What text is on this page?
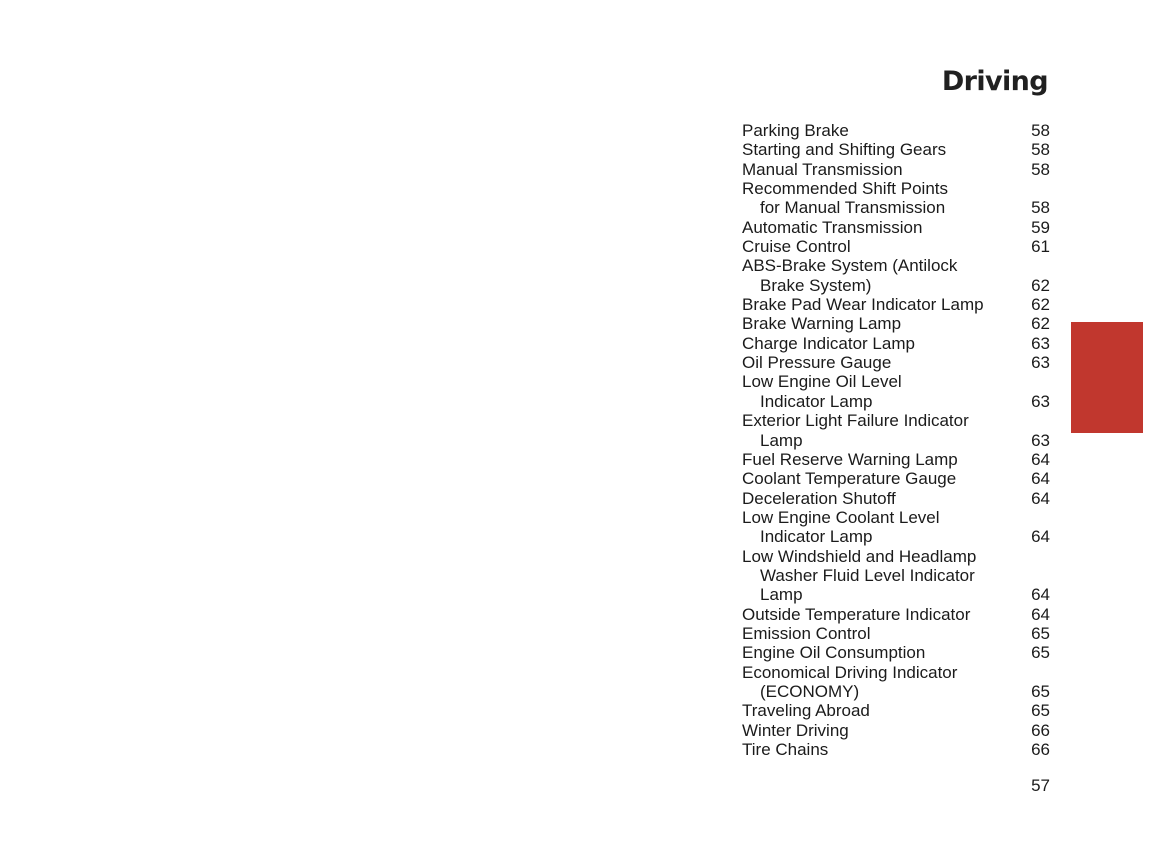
Driving
Parking Brake	58
Starting and Shifting Gears	58
Manual Transmission	58
Recommended Shift Points
for Manual Transmission	58
Automatic Transmission	59
Cruise Control	61
ABS-Brake System (Antilock
Brake System)	62
Brake Pad Wear Indicator Lamp	62
Brake Warning Lamp	62
Charge Indicator Lamp	63
Oil Pressure Gauge	63
Low Engine Oil Level
Indicator Lamp	63
Exterior Light Failure Indicator
Lamp	63
Fuel Reserve Warning Lamp	64
Coolant Temperature Gauge	64
Deceleration Shutoff	64
Low Engine Coolant Level
Indicator Lamp	64
Low Windshield and Headlamp
Washer Fluid Level Indicator
Lamp	64
Outside Temperature Indicator	64
Emission Control	65
Engine Oil Consumption	65
Economical Driving Indicator
(ECONOMY)	65
Traveling Abroad	65
Winter Driving	66
Tire Chains	66
57
